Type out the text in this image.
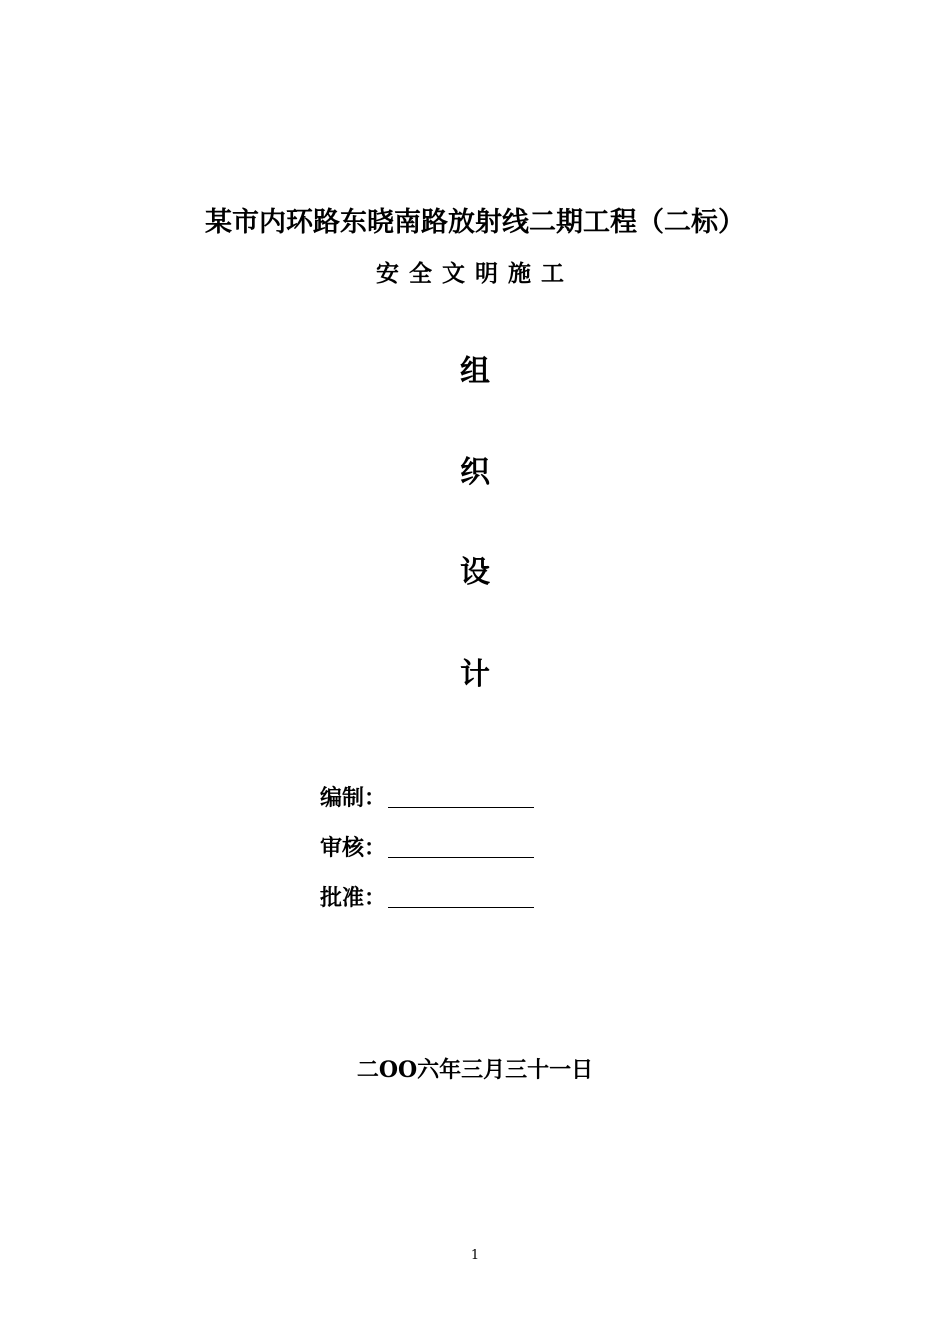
某市内环路东晓南路放射线二期工程（二标）
安全文明施工
组
织
设
计
编制：
审核：
批准：
二OO六年三月三十一日
1
